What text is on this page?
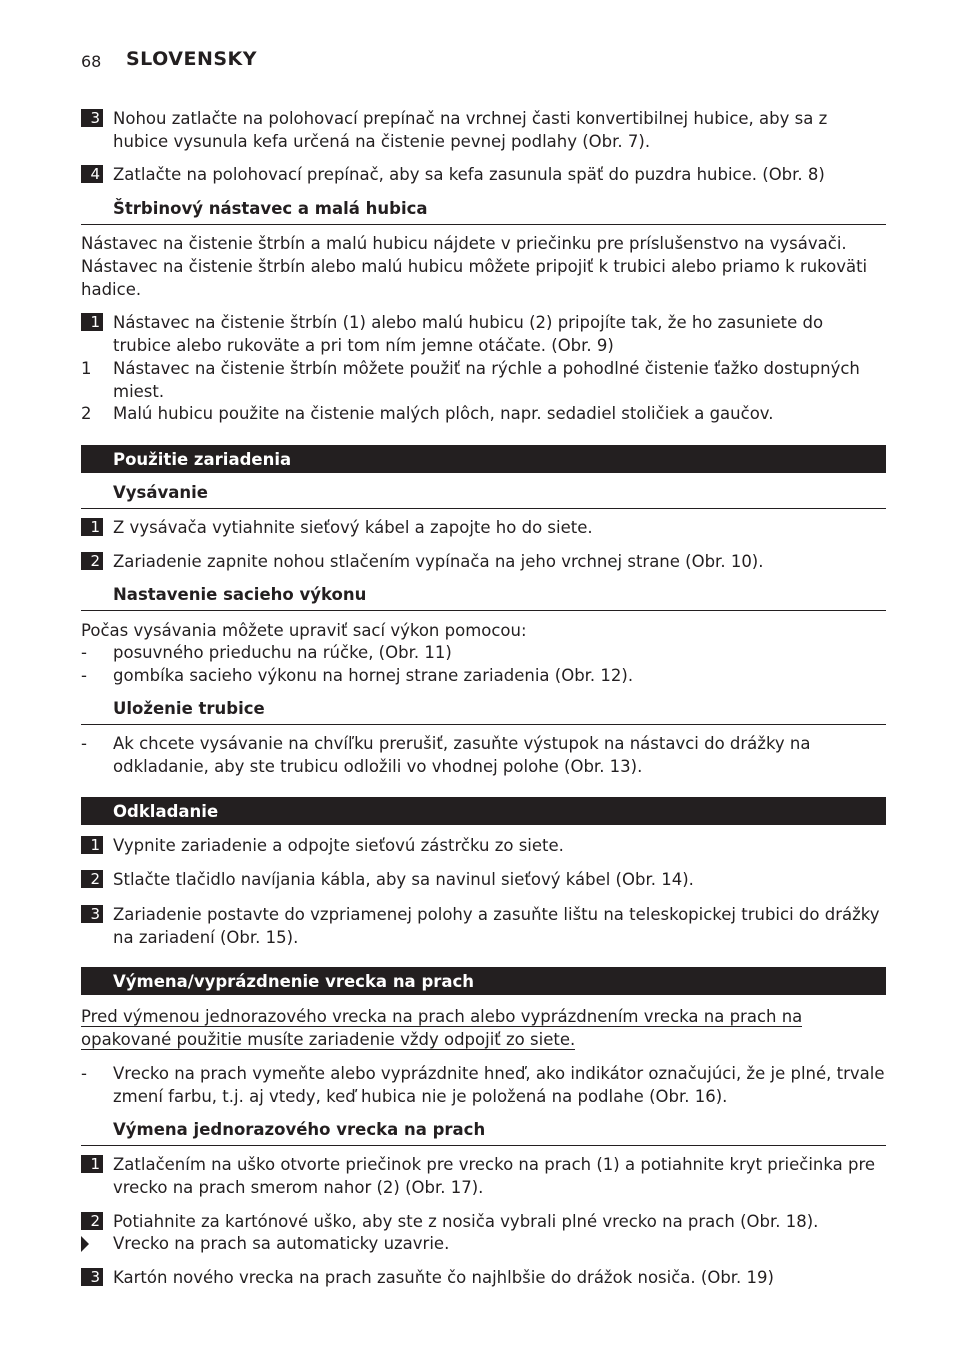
68 SLOVENSKY
3 Nohou zatlačte na polohovací prepínač na vrchnej časti konvertibilnej hubice, aby sa z hubice vysunula kefa určená na čistenie pevnej podlahy (Obr. 7).
4 Zatlačte na polohovací prepínač, aby sa kefa zasunula späť do puzdra hubice. (Obr. 8)
Štrbinový nástavec a malá hubica
Nástavec na čistenie štrbín a malú hubicu nájdete v priečinku pre príslušenstvo na vysávači. Nástavec na čistenie štrbín alebo malú hubicu môžete pripojiť k trubici alebo priamo k rukoväti hadice.
1 Nástavec na čistenie štrbín (1) alebo malú hubicu (2) pripojíte tak, že ho zasuniete do trubice alebo rukoväte a pri tom ním jemne otáčate. (Obr. 9)
1 Nástavec na čistenie štrbín môžete použiť na rýchle a pohodlné čistenie ťažko dostupných miest.
2 Malú hubicu použite na čistenie malých plôch, napr. sedadiel stoličiek a gaučov.
Použitie zariadenia
Vysávanie
1 Z vysávača vytiahnite sieťový kábel a zapojte ho do siete.
2 Zariadenie zapnite nohou stlačením vypínača na jeho vrchnej strane (Obr. 10).
Nastavenie sacieho výkonu
Počas vysávania môžete upraviť sací výkon pomocou:
- posuvného prieduchu na rúčke, (Obr. 11)
- gombíka sacieho výkonu na hornej strane zariadenia (Obr. 12).
Uloženie trubice
- Ak chcete vysávanie na chvíľku prerušiť, zasuňte výstupok na nástavci do drážky na odkladanie, aby ste trubicu odložili vo vhodnej polohe (Obr. 13).
Odkladanie
1 Vypnite zariadenie a odpojte sieťovú zástrčku zo siete.
2 Stlačte tlačidlo navíjania kábla, aby sa navinul sieťový kábel (Obr. 14).
3 Zariadenie postavte do vzpriamenej polohy a zasuňte lištu na teleskopickej trubici do drážky na zariadení (Obr. 15).
Výmena/vyprázdnenie vrecka na prach
Pred výmenou jednorazového vrecka na prach alebo vyprázdnením vrecka na prach na opakované použitie musíte zariadenie vždy odpojiť zo siete.
- Vrecko na prach vymeňte alebo vyprázdnite hneď, ako indikátor označujúci, že je plné, trvale zmení farbu, t.j. aj vtedy, keď hubica nie je položená na podlahe (Obr. 16).
Výmena jednorazového vrecka na prach
1 Zatlačením na uško otvorte priečinok pre vrecko na prach (1) a potiahnite kryt priečinka pre vrecko na prach smerom nahor (2) (Obr. 17).
2 Potiahnite za kartónové uško, aby ste z nosiča vybrali plné vrecko na prach (Obr. 18).
Vrecko na prach sa automaticky uzavrie.
3 Kartón nového vrecka na prach zasuňte čo najhlbšie do drážok nosiča. (Obr. 19)
